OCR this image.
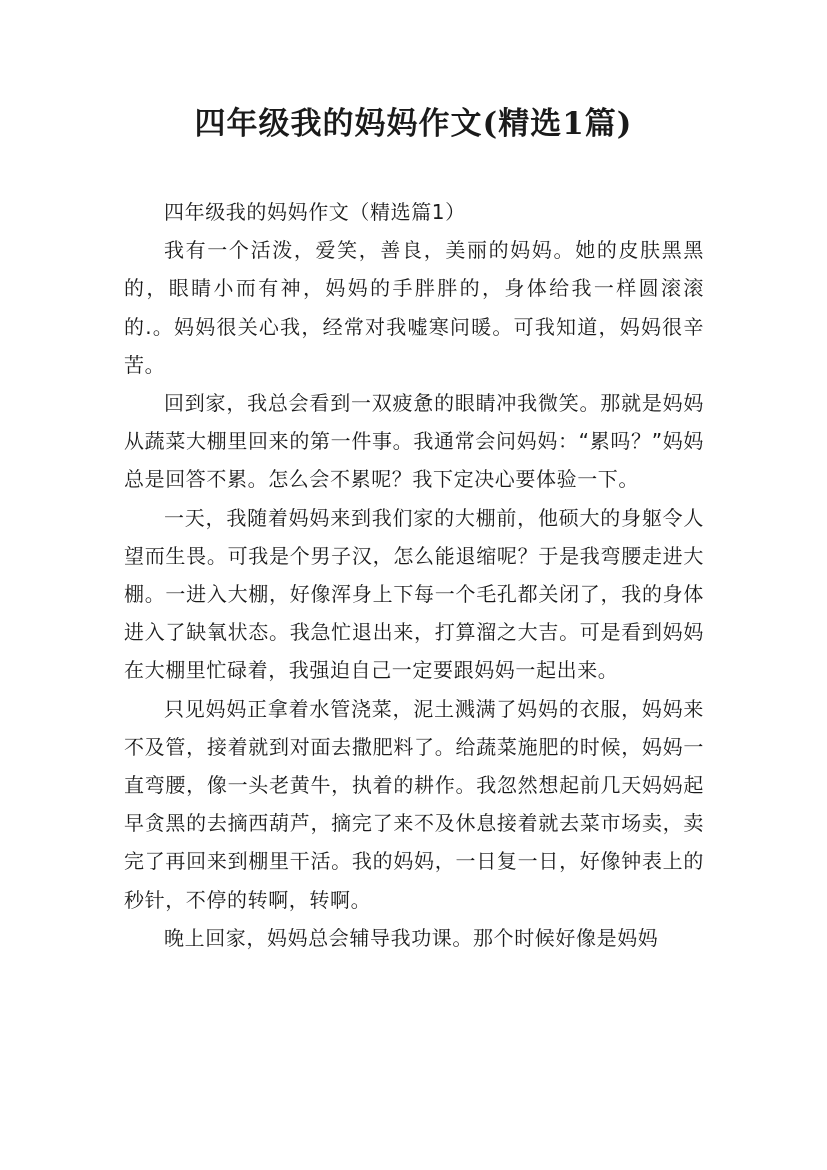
四年级我的妈妈作文(精选1篇)

四年级我的妈妈作文（精选篇1）

我有一个活泼，爱笑，善良，美丽的妈妈。她的皮肤黑黑的，眼睛小而有神，妈妈的手胖胖的，身体给我一样圆滚滚的.。妈妈很关心我，经常对我嘘寒问暖。可我知道，妈妈很辛苦。

回到家，我总会看到一双疲惫的眼睛冲我微笑。那就是妈妈从蔬菜大棚里回来的第一件事。我通常会问妈妈：“累吗？”妈妈总是回答不累。怎么会不累呢？我下定决心要体验一下。

一天，我随着妈妈来到我们家的大棚前，他硕大的身躯令人望而生畏。可我是个男子汉，怎么能退缩呢？于是我弯腰走进大棚。一进入大棚，好像浑身上下每一个毛孔都关闭了，我的身体进入了缺氧状态。我急忙退出来，打算溜之大吉。可是看到妈妈在大棚里忙碌着，我强迫自己一定要跟妈妈一起出来。

只见妈妈正拿着水管浇菜，泥土溅满了妈妈的衣服，妈妈来不及管，接着就到对面去撒肥料了。给蔬菜施肥的时候，妈妈一直弯腰，像一头老黄牛，执着的耕作。我忽然想起前几天妈妈起早贪黑的去摘西葫芦，摘完了来不及休息接着就去菜市场卖，卖完了再回来到棚里干活。我的妈妈，一日复一日，好像钟表上的秒针，不停的转啊，转啊。

晚上回家，妈妈总会辅导我功课。那个时候好像是妈妈
